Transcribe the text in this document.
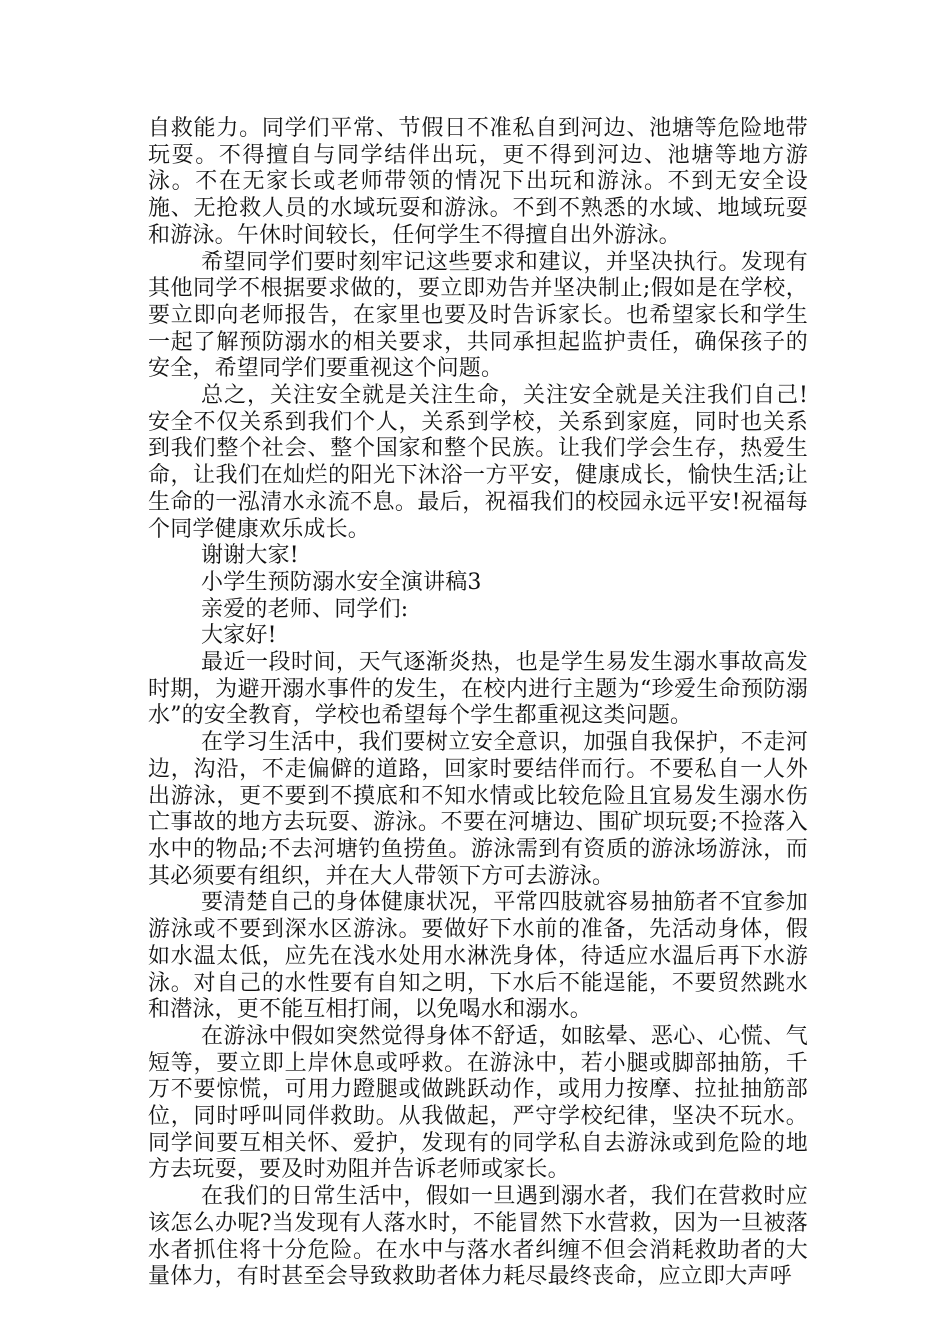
自救能力。同学们平常、节假日不准私自到河边、池塘等危险地带玩耍。不得擅自与同学结伴出玩，更不得到河边、池塘等地方游泳。不在无家长或老师带领的情况下出玩和游泳。不到无安全设施、无抢救人员的水域玩耍和游泳。不到不熟悉的水域、地域玩耍和游泳。午休时间较长，任何学生不得擅自出外游泳。

希望同学们要时刻牢记这些要求和建议，并坚决执行。发现有其他同学不根据要求做的，要立即劝告并坚决制止;假如是在学校，要立即向老师报告，在家里也要及时告诉家长。也希望家长和学生一起了解预防溺水的相关要求，共同承担起监护责任，确保孩子的安全，希望同学们要重视这个问题。

总之，关注安全就是关注生命，关注安全就是关注我们自己!安全不仅关系到我们个人，关系到学校，关系到家庭，同时也关系到我们整个社会、整个国家和整个民族。让我们学会生存，热爱生命，让我们在灿烂的阳光下沐浴一方平安，健康成长，愉快生活;让生命的一泓清水永流不息。最后，祝福我们的校园永远平安!祝福每个同学健康欢乐成长。

谢谢大家!

小学生预防溺水安全演讲稿3

亲爱的老师、同学们:

大家好!

最近一段时间，天气逐渐炎热，也是学生易发生溺水事故高发时期，为避开溺水事件的发生，在校内进行主题为“珍爱生命预防溺水”的安全教育，学校也希望每个学生都重视这类问题。

在学习生活中，我们要树立安全意识，加强自我保护，不走河边，沟沿，不走偏僻的道路，回家时要结伴而行。不要私自一人外出游泳，更不要到不摸底和不知水情或比较危险且宜易发生溺水伤亡事故的地方去玩耍、游泳。不要在河塘边、围矿坝玩耍;不捡落入水中的物品;不去河塘钓鱼捞鱼。游泳需到有资质的游泳场游泳，而其必须要有组织，并在大人带领下方可去游泳。

要清楚自己的身体健康状况，平常四肢就容易抽筋者不宜参加游泳或不要到深水区游泳。要做好下水前的准备，先活动身体，假如水温太低，应先在浅水处用水淋洗身体，待适应水温后再下水游泳。对自己的水性要有自知之明，下水后不能逞能，不要贸然跳水和潜泳，更不能互相打闹，以免喝水和溺水。

在游泳中假如突然觉得身体不舒适，如眩晕、恶心、心慌、气短等，要立即上岸休息或呼救。在游泳中，若小腿或脚部抽筋，千万不要惊慌，可用力蹬腿或做跳跃动作，或用力按摩、拉扯抽筋部位，同时呼叫同伴救助。从我做起，严守学校纪律，坚决不玩水。同学间要互相关怀、爱护，发现有的同学私自去游泳或到危险的地方去玩耍，要及时劝阻并告诉老师或家长。

在我们的日常生活中，假如一旦遇到溺水者，我们在营救时应该怎么办呢?当发现有人落水时，不能冒然下水营救，因为一旦被落水者抓住将十分危险。在水中与落水者纠缠不但会消耗救助者的大量体力，有时甚至会导致救助者体力耗尽最终丧命，应立即大声呼
